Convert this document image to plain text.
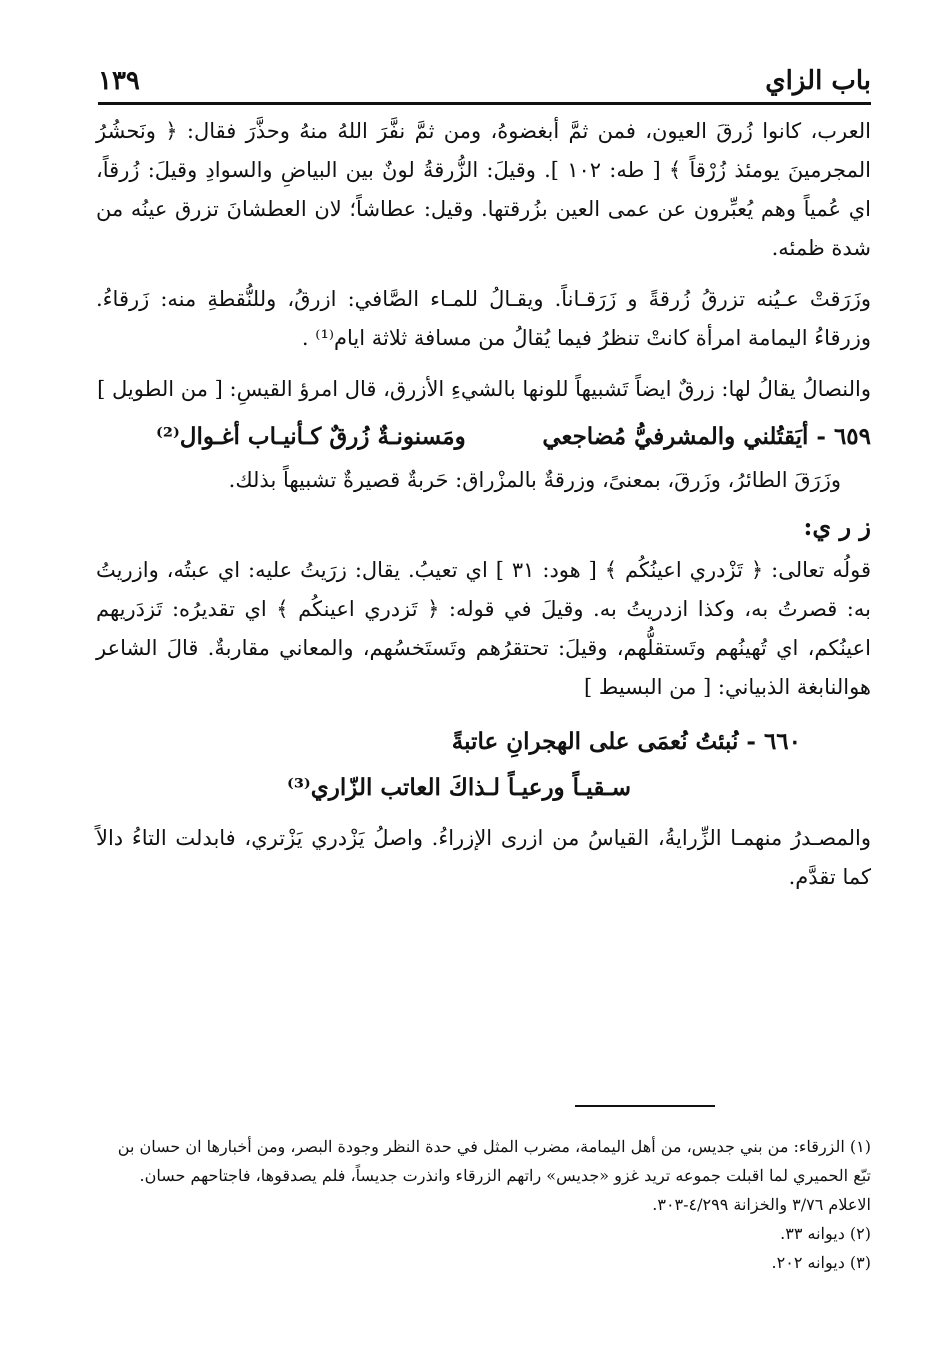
باب الزاي
١٣٩

العرب، كانوا زُرقَ العيون، فمن ثمَّ أبغضوهُ، ومن ثمَّ نفَّرَ اللهُ منهُ وحذَّرَ فقال: ﴿ ونَحشُرُ المجرمينَ يومئذ زُرْقاً ﴾ [ طه: ١٠٢ ]. وقيلَ: الزُّرقةُ لونٌ بين البياضِ والسوادِ وقيلَ: زُرقاً، اي عُمياً وهم يُعبِّرون عن عمى العين بزُرقتها. وقيل: عطاشاً؛ لان العطشانَ تزرق عينُه من شدة ظمئه.

وزَرَقتْ عـيُنه تزرقُ زُرقةً و زَرَقـاناً. ويقـالُ للمـاء الصَّافي: ازرقُ، وللنُّقطةِ منه: زَرقاءُ. وزرقاءُ اليمامة امرأة كانتْ تنظرُ فيما يُقالُ من مسافة ثلاثة ايام⁽¹⁾ .

والنصالُ يقالُ لها: زرقٌ ايضاً تَشبيهاً للونها بالشيءِ الأزرق، قال امرؤ القيسِ: [ من الطويل ]

٦٥٩ - أيَقتُلني والمشرفيُّ مُضاجعي
ومَسنونـةٌ زُرقٌ كـأنيـاب أغـوال⁽²⁾

وزَرَقَ الطائرُ، وزَرقَ، بمعنىً، وزرقةٌ بالمزْراق: حَربةٌ قصيرةٌ تشبيهاً بذلك.

ز ر ي:

قولُه تعالى: ﴿ تَزْدري اعينُكُم ﴾ [ هود: ٣١ ] اي تعيبُ. يقال: زرَيتُ عليه: اي عبتُه، وازريتُ به: قصرتُ به، وكذا ازدريتُ به. وقيلَ في قوله: ﴿ تَزدري اعينكُم ﴾ اي تقديرُه: تَزدَريهم اعينُكم، اي تُهينُهم وتَستقلُّهم، وقيلَ: تحتقرُهم وتَستَخسُهم، والمعاني مقاربةٌ. قالَ الشاعر هوالنابغة الذبياني: [ من البسيط ]

٦٦٠ - نُبئتُ نُعمَى على الهجرانِ عاتبةً

سـقيـاً ورعيـاً لـذاكَ العاتب الزّاري⁽³⁾

والمصـدرُ منهمـا الزِّرايةُ، القياسُ من ازرى الإزراءُ. واصلُ يَزْدري يَزْتري، فابدلت التاءُ دالاً كما تقدَّم.

(١) الزرقاء: من بني جديس، من أهل اليمامة، مضرب المثل في حدة النظر وجودة البصر، ومن أخبارها ان حسان بن تبّع الحميري لما اقبلت جموعه تريد غزو «جديس» راتهم الزرقاء وانذرت جديساً، فلم يصدقوها، فاجتاحهم حسان. الاعلام ٣/٧٦ والخزانة ٤/٢٩٩-٣٠٣.

(٢) ديوانه ٣٣.

(٣) ديوانه ٢٠٢.
